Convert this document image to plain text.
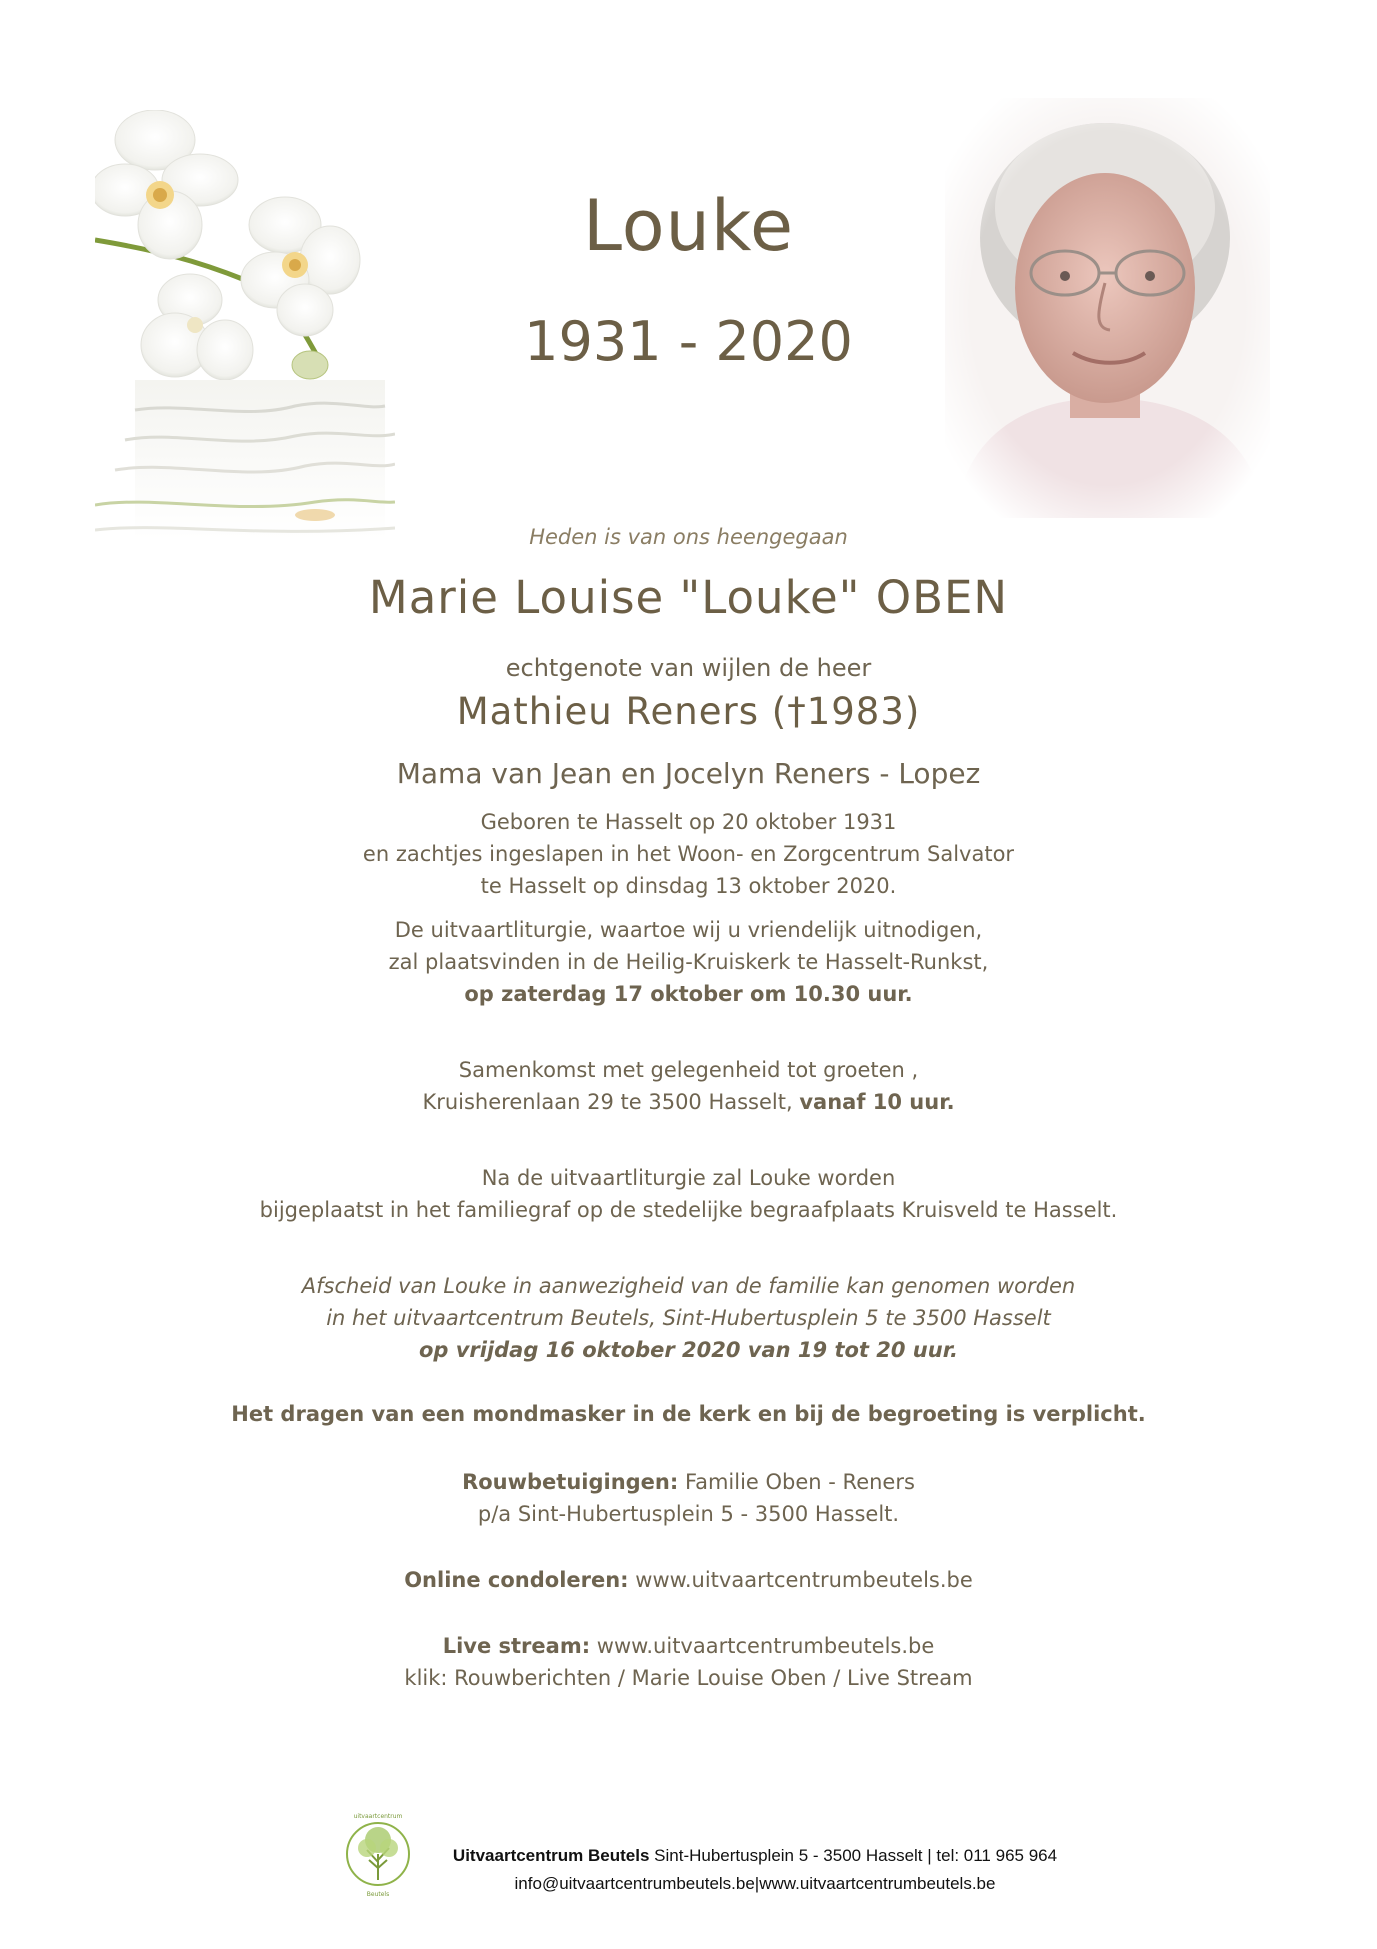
Louke
1931 - 2020
Heden is van ons heengegaan
Marie Louise "Louke" OBEN
echtgenote van wijlen de heer
Mathieu Reners (†1983)
Mama van Jean en Jocelyn Reners - Lopez
Geboren te Hasselt op 20 oktober 1931
en zachtjes ingeslapen in het Woon- en Zorgcentrum Salvator
te Hasselt op dinsdag 13 oktober 2020.
De uitvaartliturgie, waartoe wij u vriendelijk uitnodigen,
zal plaatsvinden in de Heilig-Kruiskerk te Hasselt-Runkst,
op zaterdag 17 oktober om 10.30 uur.
Samenkomst met gelegenheid tot groeten ,
Kruisherenlaan 29 te 3500 Hasselt, vanaf 10 uur.
Na de uitvaartliturgie zal Louke worden
bijgeplaatst in het familiegraf op de stedelijke begraafplaats Kruisveld te Hasselt.
Afscheid van Louke in aanwezigheid van de familie kan genomen worden
in het uitvaartcentrum Beutels, Sint-Hubertusplein 5 te 3500 Hasselt
op vrijdag 16 oktober 2020 van 19 tot 20 uur.
Het dragen van een mondmasker in de kerk en bij de begroeting is verplicht.
Rouwbetuigingen: Familie Oben - Reners
p/a Sint-Hubertusplein 5 - 3500 Hasselt.
Online condoleren: www.uitvaartcentrumbeutels.be
Live stream: www.uitvaartcentrumbeutels.be
klik: Rouwberichten / Marie Louise Oben / Live Stream
uitvaartcentrum
Beutels
Uitvaartcentrum Beutels Sint-Hubertusplein 5 - 3500 Hasselt | tel: 011 965 964
info@uitvaartcentrumbeutels.be|www.uitvaartcentrumbeutels.be
